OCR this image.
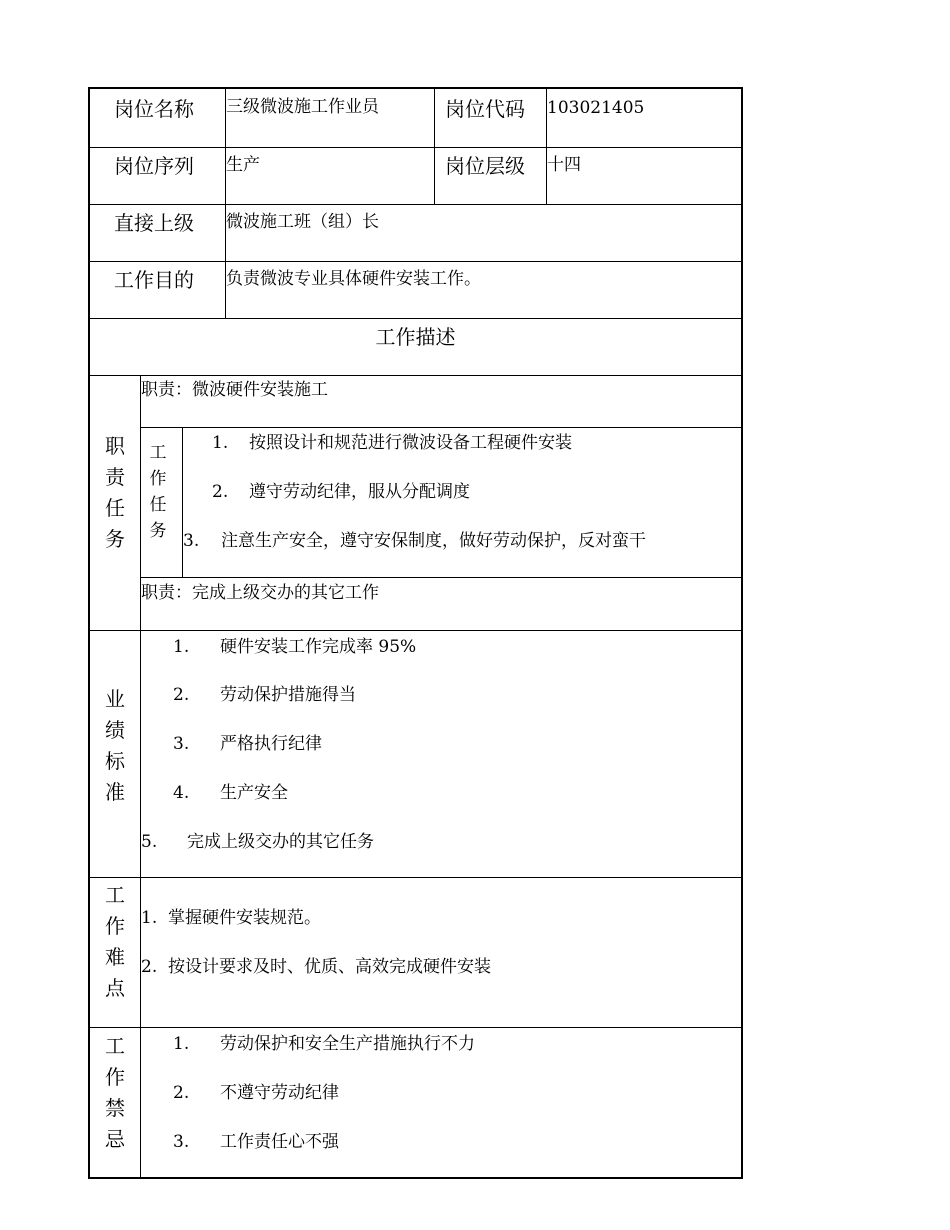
岗位名称 三级微波施工作业员	岗位代码 103021405
岗位序列 生产	岗位层级 十四
直接上级 微波施工班（组）长
工作目的 负责微波专业具体硬件安装工作。
工作描述
职责任务
职责：微波硬件安装施工
工作任务
1. 按照设计和规范进行微波设备工程硬件安装
2. 遵守劳动纪律，服从分配调度
3. 注意生产安全，遵守安保制度，做好劳动保护，反对蛮干
职责：完成上级交办的其它工作
业绩标准
1. 硬件安装工作完成率 95%
2. 劳动保护措施得当
3. 严格执行纪律
4. 生产安全
5. 完成上级交办的其它任务
工作难点
1. 掌握硬件安装规范。
2. 按设计要求及时、优质、高效完成硬件安装
工作禁忌
1. 劳动保护和安全生产措施执行不力
2. 不遵守劳动纪律
3. 工作责任心不强
